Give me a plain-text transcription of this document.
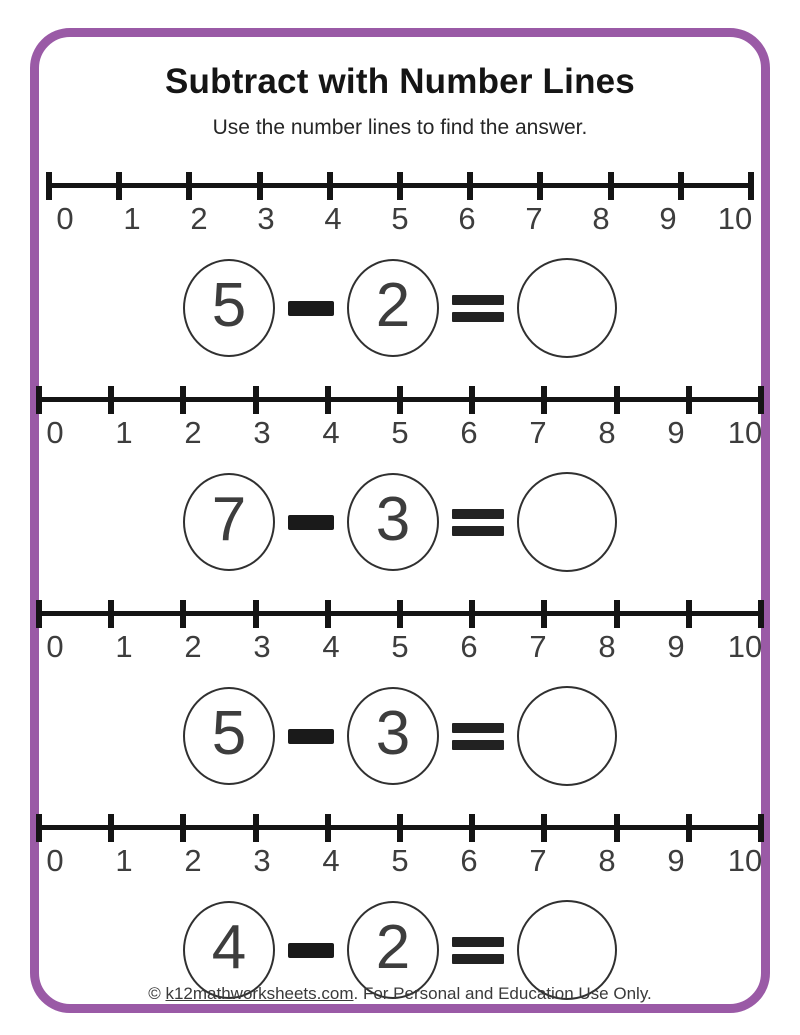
Subtract with Number Lines

Use the number lines to find the answer.

0 1 2 3 4 5 6 7 8 9 10
5 2
0 1 2 3 4 5 6 7 8 9 10
7 3
0 1 2 3 4 5 6 7 8 9 10
5 3
0 1 2 3 4 5 6 7 8 9 10
4 2
© k12mathworksheets.com. For Personal and Education Use Only.
